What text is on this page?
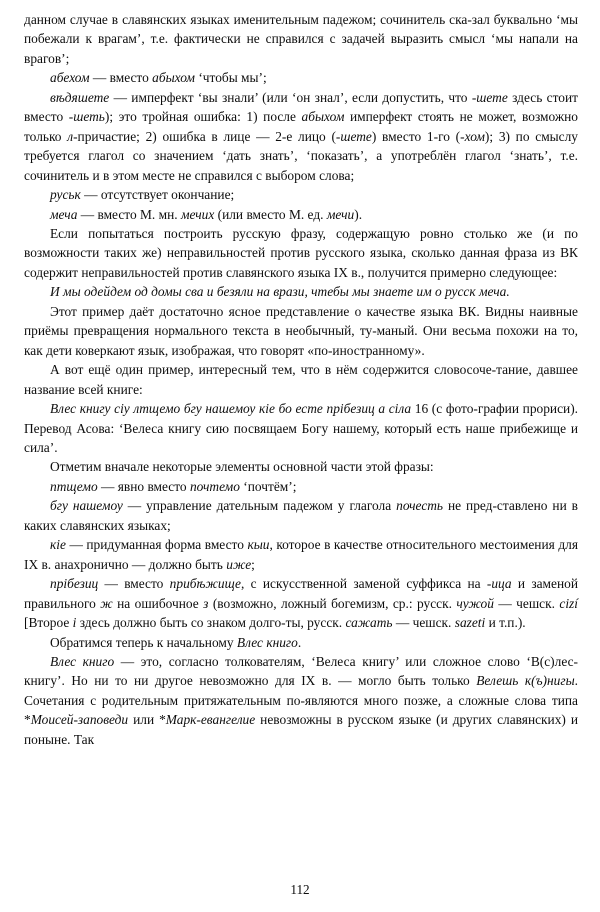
данном случае в славянских языках именительным падежом; сочинитель ска-зал буквально ‘мы побежали к врагам’, т.е. фактически не справился с задачей выразить смысл ‘мы напали на врагов’;

абехом — вместо абыхом ‘чтобы мы’;

вѣдяшете — имперфект ‘вы знали’ (или ‘он знал’, если допустить, что -шете здесь стоит вместо -шеть); это тройная ошибка: 1) после абыхом имперфект стоять не может, возможно только л-причастие; 2) ошибка в лице — 2-е лицо (-шете) вместо 1-го (-хом); 3) по смыслу требуется глагол со значением ‘дать знать’, ‘показать’, а употреблён глагол ‘знать’, т.е. сочинитель и в этом месте не справился с выбором слова;

руськ — отсутствует окончание;

меча — вместо М. мн. мечих (или вместо М. ед. мечи).

Если попытаться построить русскую фразу, содержащую ровно столько же (и по возможности таких же) неправильностей против русского языка, сколько данная фраза из ВК содержит неправильностей против славянского языка IX в., получится примерно следующее:

И мы одейдем од домы сва и безяли на врази, чтебы мы знаете им о русск меча.

Этот пример даёт достаточно ясное представление о качестве языка ВК. Видны наивные приёмы превращения нормального текста в необычный, ту-маный. Они весьма похожи на то, как дети коверкают язык, изображая, что говорят «по-иностранному».

А вот ещё один пример, интересный тем, что в нём содержится словосоче-тание, давшее название всей книге:

Влес книгу сiу лтщемо бгу нашемоу кiе бо есте прiбезиц а сiла 16 (с фото-графии прориси). Перевод Асова: ‘Велеса книгу сию посвящаем Богу нашему, который есть наше прибежище и сила’.

Отметим вначале некоторые элементы основной части этой фразы:

птщемо — явно вместо почтемо ‘почтём’;

бгу нашемоу — управление дательным падежом у глагола почесть не пред-ставлено ни в каких славянских языках;

кiе — придуманная форма вместо кыи, которое в качестве относительного местоимения для IX в. анахронично — должно быть иже;

прiбезиц — вместо прибѣжище, с искусственной заменой суффикса на -ица и заменой правильного ж на ошибочное з (возможно, ложный богемизм, ср.: русск. чужой — чешск. cizí [Второе i здесь должно быть со знаком долго-ты, русск. сажать — чешск. sazeti и т.п.).

Обратимся теперь к начальному Влес книго.

Влес книго — это, согласно толкователям, ‘Велеса книгу’ или сложное слово ‘В(с)лес-книгу’. Но ни то ни другое невозможно для IX в. — могло быть только Велешь к(ъ)нигы. Сочетания с родительным притяжательным по-являются много позже, а сложные слова типа *Моисей-заповеди или *Марк-евангелие невозможны в русском языке (и других славянских) и поныне. Так

112
